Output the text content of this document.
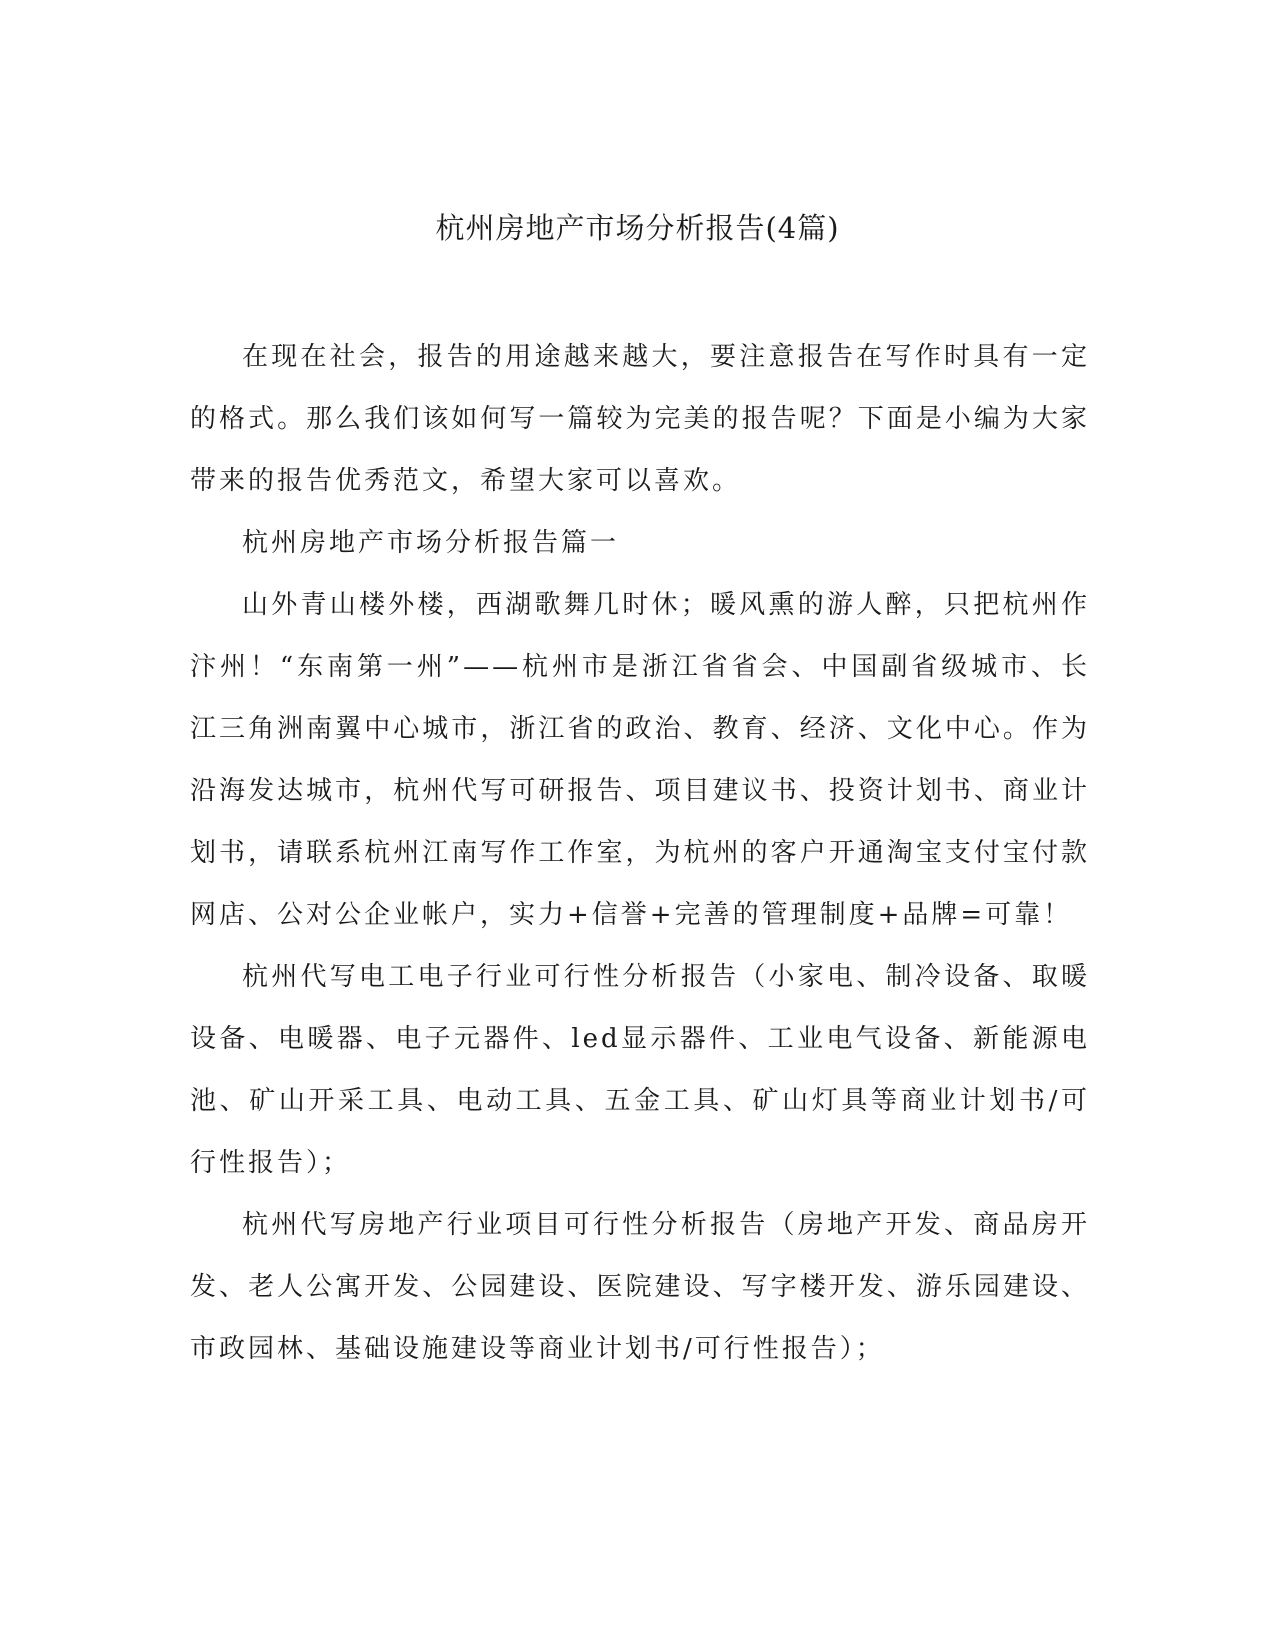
杭州房地产市场分析报告(4篇)

在现在社会，报告的用途越来越大，要注意报告在写作时具有一定的格式。那么我们该如何写一篇较为完美的报告呢？下面是小编为大家带来的报告优秀范文，希望大家可以喜欢。

杭州房地产市场分析报告篇一

山外青山楼外楼，西湖歌舞几时休；暖风熏的游人醉，只把杭州作汴州！“东南第一州”——杭州市是浙江省省会、中国副省级城市、长江三角洲南翼中心城市，浙江省的政治、教育、经济、文化中心。作为沿海发达城市，杭州代写可研报告、项目建议书、投资计划书、商业计划书，请联系杭州江南写作工作室，为杭州的客户开通淘宝支付宝付款网店、公对公企业帐户，实力+信誉+完善的管理制度+品牌=可靠！

杭州代写电工电子行业可行性分析报告（小家电、制冷设备、取暖设备、电暖器、电子元器件、led显示器件、工业电气设备、新能源电池、矿山开采工具、电动工具、五金工具、矿山灯具等商业计划书/可行性报告）；

杭州代写房地产行业项目可行性分析报告（房地产开发、商品房开发、老人公寓开发、公园建设、医院建设、写字楼开发、游乐园建设、市政园林、基础设施建设等商业计划书/可行性报告）；
